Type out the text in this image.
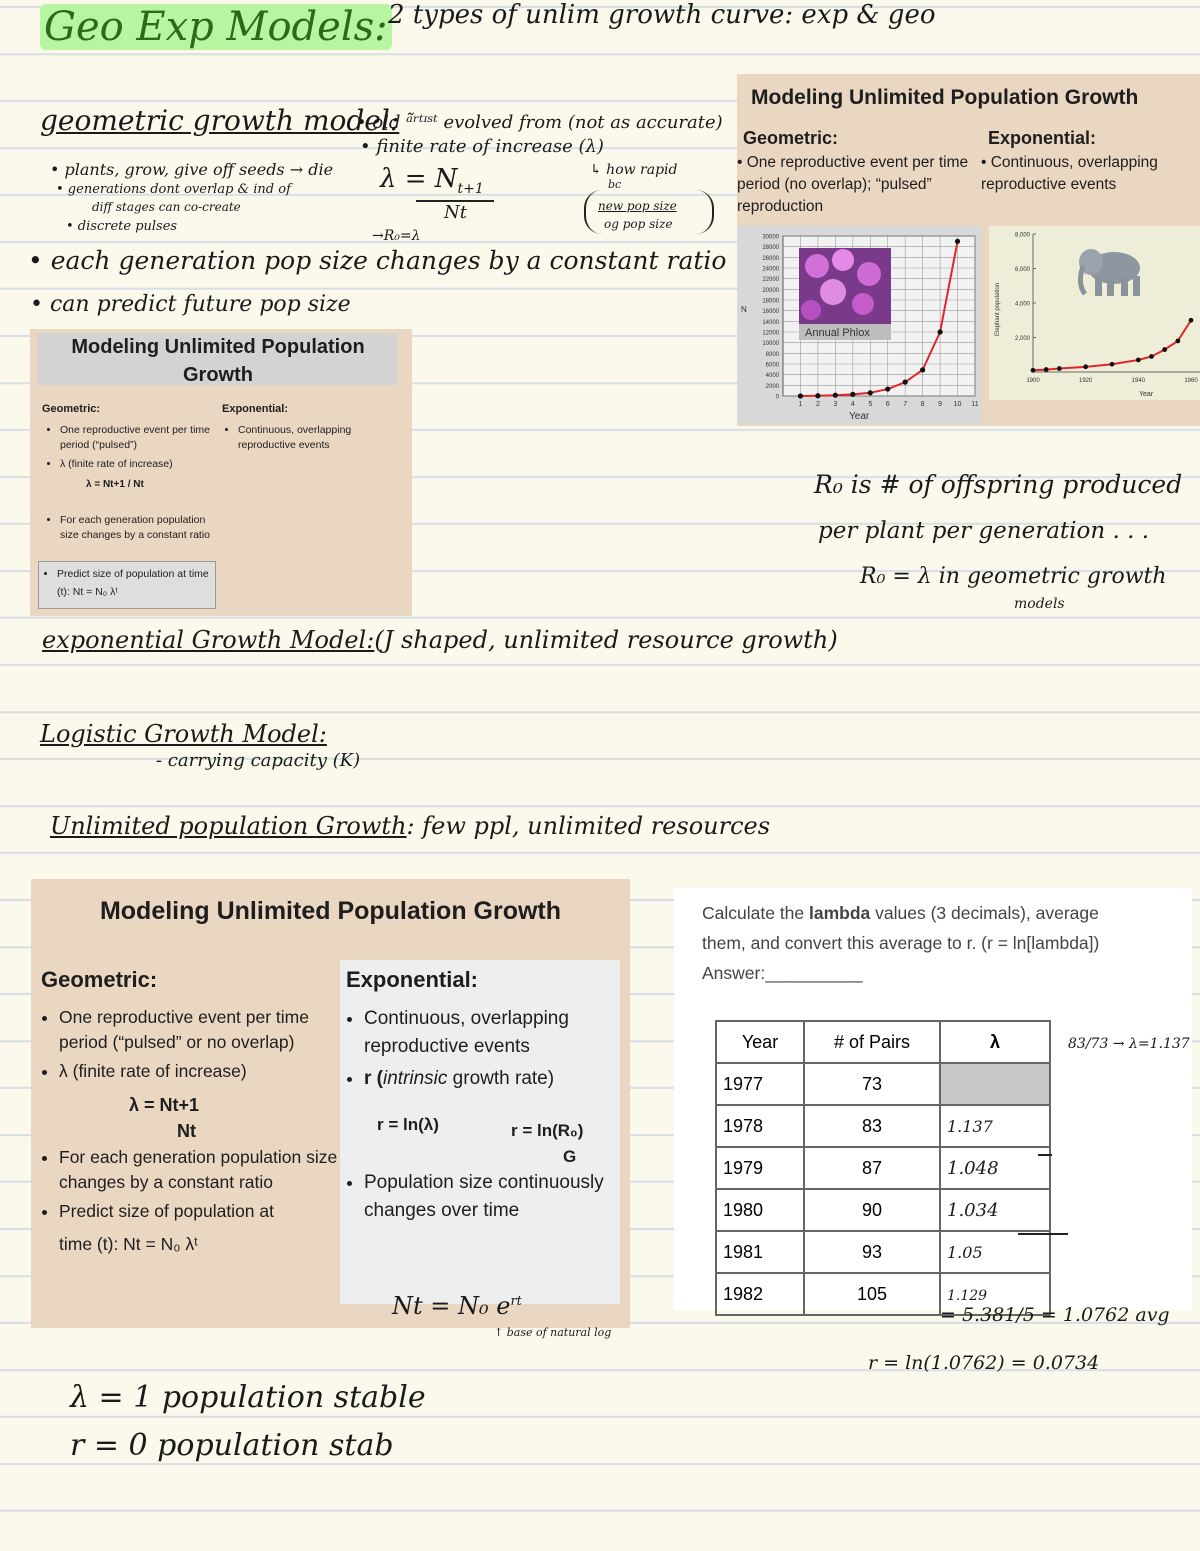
Geo Exp Models: 2 types of unlim growth curve: exp & geo
geometric growth model:
• old ᵃ̃ʳᵗᶦˢᵗ evolved from (not as accurate)
• finite rate of increase (λ)
• plants, grow, give off seeds → die
• generations dont overlap & ind of
diff stages can co-create
• discrete pulses
$\lambda = N_{t+1}$
Nt
→R₀=λ
↳ how rapid
bc
new pop size
og pop size
• each generation pop size changes by a constant ratio
• can predict future pop size
Modeling Unlimited Population Growth
Geometric:
• One reproductive event per time period (no overlap); “pulsed” reproduction
Exponential:
• Continuous, overlapping reproductive events
30000
28000
26000
24000
22000
20000
18000
16000
14000
12000
10000
8000
6000
4000
2000
0
1 2 3 4 5 6 7 8 9 10 11
Annual Phlox
N
Year
8,000
6,000
4,000
2,000
1900	1920	1940	1960
Elephant population
Year
Modeling Unlimited Population Growth
Geometric:
• One reproductive event per time period (“pulsed”)
• λ (finite rate of increase)
λ = Nt+1 / Nt
• For each generation population size changes by a constant ratio
• Predict size of population at time (t): Nt = N₀ λᵗ
Exponential:
• Continuous, overlapping reproductive events
R₀ is # of offspring produced
per plant per generation . . .
R₀ = λ in geometric growth
models
exponential Growth Model:(J shaped, unlimited resource growth)
Logistic Growth Model:
- carrying capacity (K)
Unlimited population Growth: few ppl, unlimited resources
Modeling Unlimited Population Growth
Geometric:
• One reproductive event per time period (“pulsed” or no overlap)
• λ (finite rate of increase)
λ = Nt+1
Nt
• For each generation population size changes by a constant ratio
• Predict size of population at
time (t): Nt = N₀ λᵗ
Exponential:
• Continuous, overlapping reproductive events
• r (intrinsic growth rate)
r = ln(λ)	r = ln(R₀)
G
• Population size continuously changes over time
Nt = N₀ $e^{rt}$
↑ base of natural log
Calculate the lambda values (3 decimals), average
them, and convert this average to r. (r = ln[lambda])
Answer:__________
Year	# of Pairs	λ
1977	73	
1978	83	1.137
1979	87	1.048
1980	90	1.034
1981	93	1.05
1982	105	1.129
83/73 → λ=1.137
= 5.381/5 = 1.0762 avg
r = ln(1.0762) = 0.0734
λ = 1 population stable
r = 0 population stab
